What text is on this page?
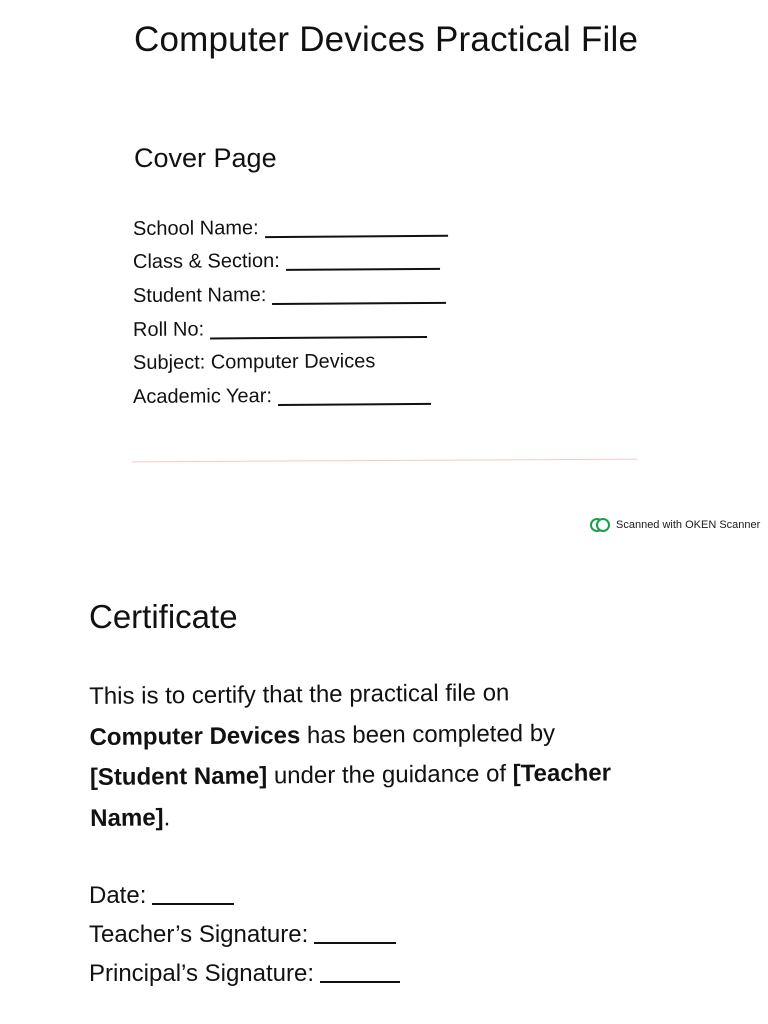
Computer Devices Practical File
Cover Page
School Name:
Class & Section:
Student Name:
Roll No:
Subject: Computer Devices
Academic Year:
Scanned with OKEN Scanner
Certificate

This is to certify that the practical file on
Computer Devices has been completed by
[Student Name] under the guidance of [Teacher Name].

Date:
Teacher’s Signature:
Principal’s Signature:
